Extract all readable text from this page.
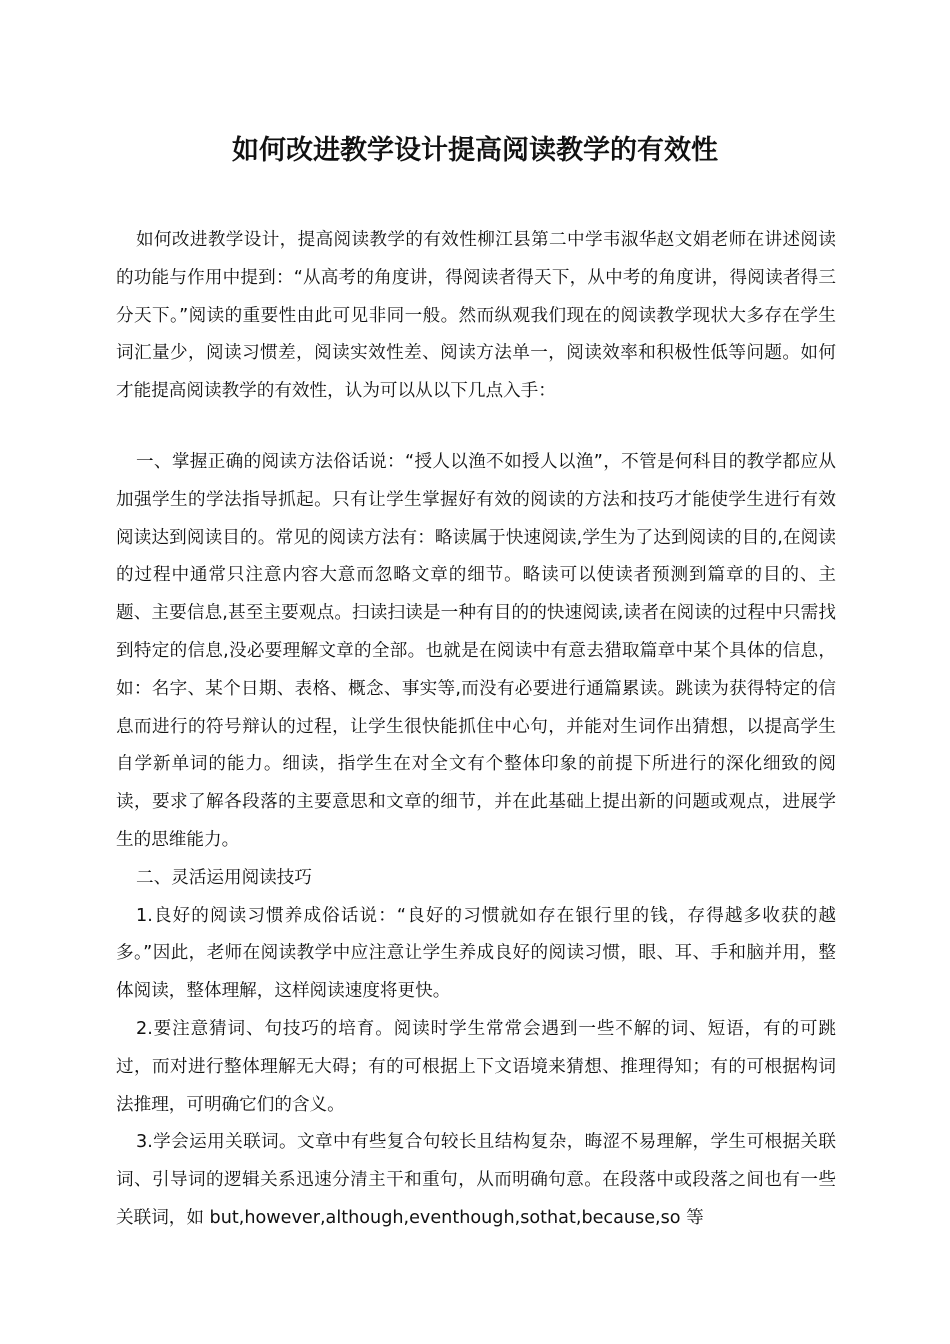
如何改进教学设计提高阅读教学的有效性

如何改进教学设计，提高阅读教学的有效性柳江县第二中学韦淑华赵文娟老师在讲述阅读的功能与作用中提到：“从高考的角度讲，得阅读者得天下，从中考的角度讲，得阅读者得三分天下。”阅读的重要性由此可见非同一般。然而纵观我们现在的阅读教学现状大多存在学生词汇量少，阅读习惯差，阅读实效性差、阅读方法单一，阅读效率和积极性低等问题。如何才能提高阅读教学的有效性，认为可以从以下几点入手：

一、掌握正确的阅读方法俗话说：“授人以渔不如授人以渔”，不管是何科目的教学都应从加强学生的学法指导抓起。只有让学生掌握好有效的阅读的方法和技巧才能使学生进行有效阅读达到阅读目的。常见的阅读方法有：略读属于快速阅读,学生为了达到阅读的目的,在阅读的过程中通常只注意内容大意而忽略文章的细节。略读可以使读者预测到篇章的目的、主题、主要信息,甚至主要观点。扫读扫读是一种有目的的快速阅读,读者在阅读的过程中只需找到特定的信息,没必要理解文章的全部。也就是在阅读中有意去猎取篇章中某个具体的信息，如：名字、某个日期、表格、概念、事实等,而没有必要进行通篇累读。跳读为获得特定的信息而进行的符号辩认的过程，让学生很快能抓住中心句，并能对生词作出猜想，以提高学生自学新单词的能力。细读，指学生在对全文有个整体印象的前提下所进行的深化细致的阅读，要求了解各段落的主要意思和文章的细节，并在此基础上提出新的问题或观点，进展学生的思维能力。

二、灵活运用阅读技巧

1.良好的阅读习惯养成俗话说：“良好的习惯就如存在银行里的钱，存得越多收获的越多。”因此，老师在阅读教学中应注意让学生养成良好的阅读习惯，眼、耳、手和脑并用，整体阅读，整体理解，这样阅读速度将更快。

2.要注意猜词、句技巧的培育。阅读时学生常常会遇到一些不解的词、短语，有的可跳过，而对进行整体理解无大碍；有的可根据上下文语境来猜想、推理得知；有的可根据构词法推理，可明确它们的含义。

3.学会运用关联词。文章中有些复合句较长且结构复杂，晦涩不易理解，学生可根据关联词、引导词的逻辑关系迅速分清主干和重句，从而明确句意。在段落中或段落之间也有一些关联词，如 but,however,although,eventhough,sothat,because,so 等
